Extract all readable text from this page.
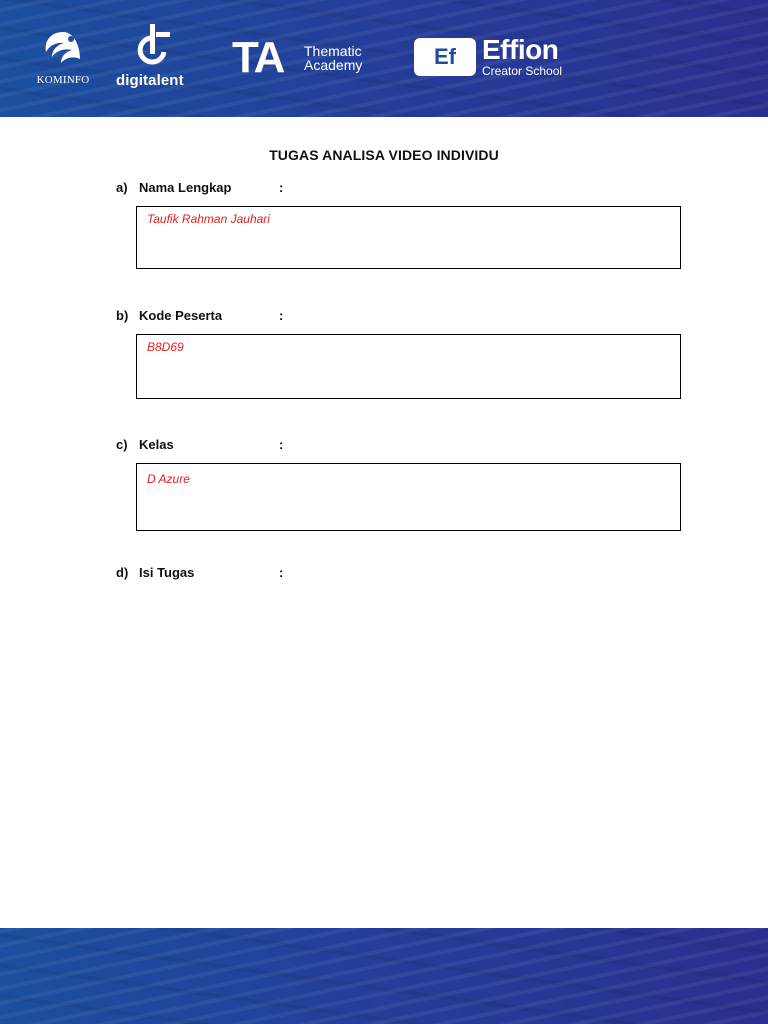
KOMINFO	digitalent TA Thematic
Academy	Ef Effion
Creator School
TUGAS ANALISA VIDEO INDIVIDU
a) Nama Lengkap	:
Taufik Rahman Jauhari
b) Kode Peserta	:
B8D69
c) Kelas	:
D Azure
d) Isi Tugas	:
